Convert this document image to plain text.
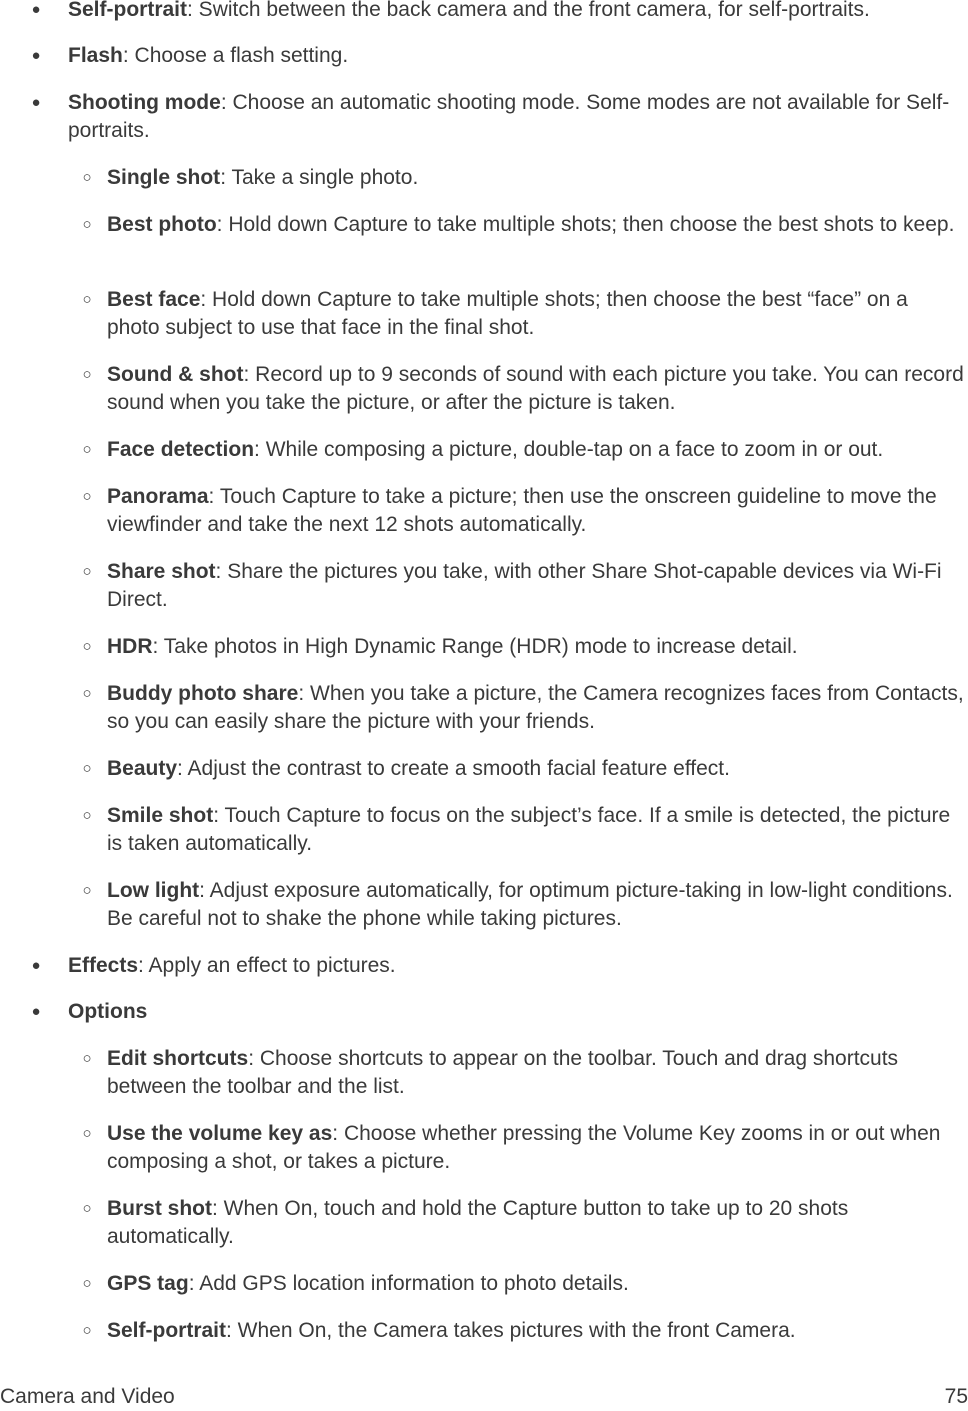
● Self-portrait: Switch between the back camera and the front camera, for self-portraits.
● Flash: Choose a flash setting.
● Shooting mode: Choose an automatic shooting mode. Some modes are not available for Self-portraits.
○ Single shot: Take a single photo.
○ Best photo: Hold down Capture to take multiple shots; then choose the best shots to keep.
○ Best face: Hold down Capture to take multiple shots; then choose the best “face” on a photo subject to use that face in the final shot.
○ Sound & shot: Record up to 9 seconds of sound with each picture you take. You can record sound when you take the picture, or after the picture is taken.
○ Face detection: While composing a picture, double-tap on a face to zoom in or out.
○ Panorama: Touch Capture to take a picture; then use the onscreen guideline to move the viewfinder and take the next 12 shots automatically.
○ Share shot: Share the pictures you take, with other Share Shot-capable devices via Wi-Fi Direct.
○ HDR: Take photos in High Dynamic Range (HDR) mode to increase detail.
○ Buddy photo share: When you take a picture, the Camera recognizes faces from Contacts, so you can easily share the picture with your friends.
○ Beauty: Adjust the contrast to create a smooth facial feature effect.
○ Smile shot: Touch Capture to focus on the subject’s face. If a smile is detected, the picture is taken automatically.
○ Low light: Adjust exposure automatically, for optimum picture-taking in low-light conditions. Be careful not to shake the phone while taking pictures.
● Effects: Apply an effect to pictures.
● Options
○ Edit shortcuts: Choose shortcuts to appear on the toolbar. Touch and drag shortcuts between the toolbar and the list.
○ Use the volume key as: Choose whether pressing the Volume Key zooms in or out when composing a shot, or takes a picture.
○ Burst shot: When On, touch and hold the Capture button to take up to 20 shots automatically.
○ GPS tag: Add GPS location information to photo details.
○ Self-portrait: When On, the Camera takes pictures with the front Camera.
Camera and Video	75
